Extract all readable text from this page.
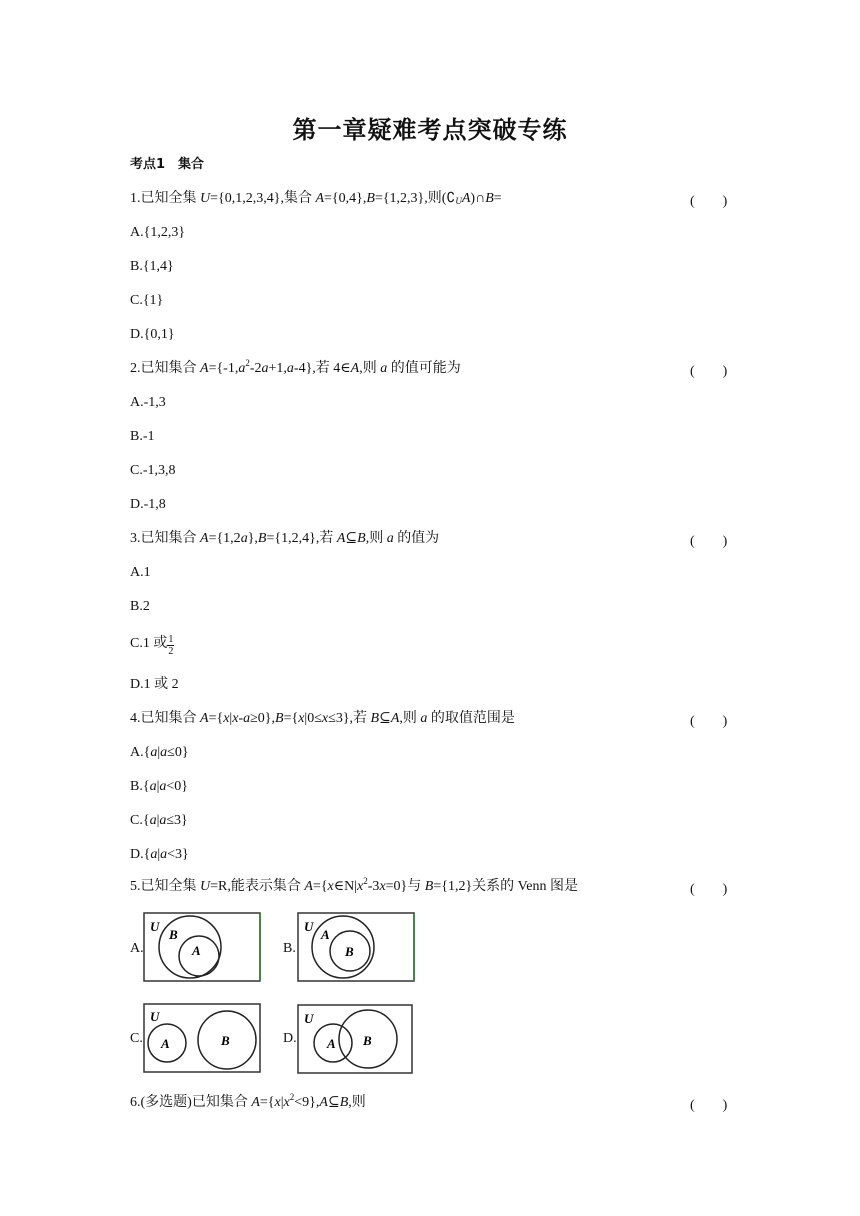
第一章疑难考点突破专练
考点1　集合
1.已知全集 U={0,1,2,3,4},集合 A={0,4},B={1,2,3},则$(∁_UA)\cap B=$	(　　)
A.{1,2,3}
B.{1,4}
C.{1}
D.{0,1}
2.已知集合 $A=\{-1,a^2-2a+1,a-4\}$,若 4∈A,则 a 的值可能为	(　　)
A.-1,3
B.-1
C.-1,3,8
D.-1,8
3.已知集合 A={1,2a},B={1,2,4},若 A⊆B,则 a 的值为	(　　)
A.1
B.2
C.1 或 $\frac{1}{2}$
D.1 或 2
4.已知集合 A={x|x-a≥0},B={x|0≤x≤3},若 B⊆A,则 a 的取值范围是	(　　)
A.{a|a≤0}
B.{a|a<0}
C.{a|a≤3}
D.{a|a<3}
5.已知全集 U=R,能表示集合 $A=\{x\in N|x^2-3x=0\}$与 B={1,2}关系的 Venn 图是	(　　)
A.
U
B
A	B.
U
A
B
C.
U
A	B	D.
U
A B
6.(多选题)已知集合 $A=\{x|x^2<9\},A⊆B$,则	(　　)
